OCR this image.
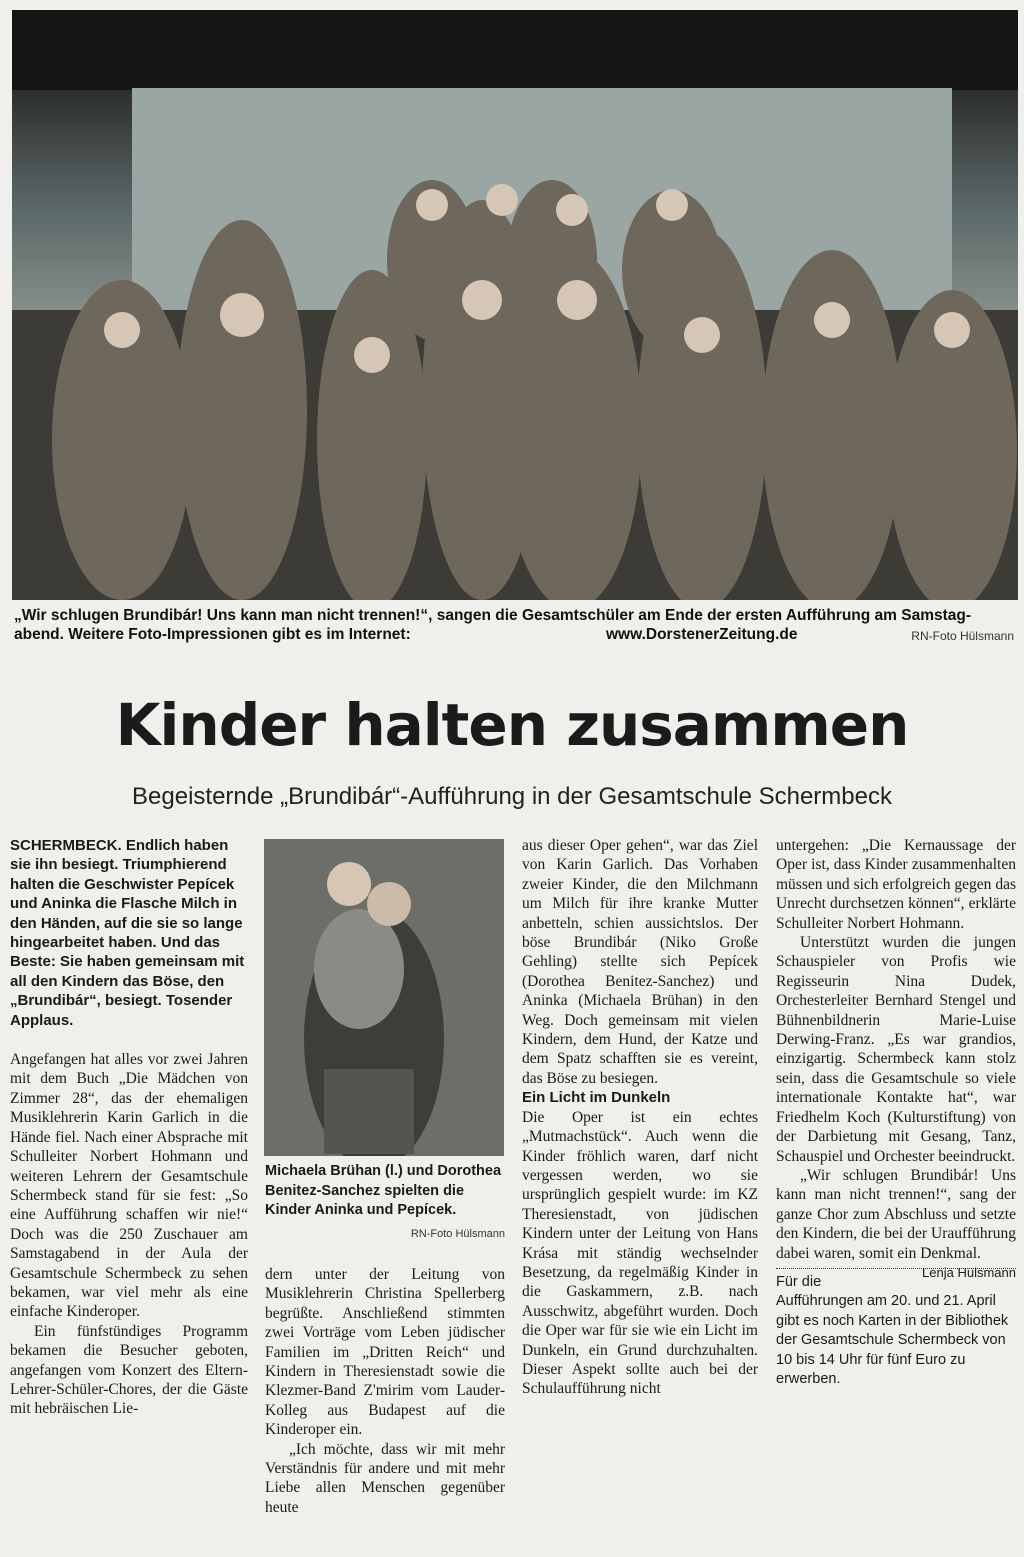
„Wir schlugen Brundibár! Uns kann man nicht trennen!“, sangen die Gesamtschüler am Ende der ersten Aufführung am Samstag-abend. Weitere Foto-Impressionen gibt es im Internet:	www.DorstenerZeitung.de	RN-Foto Hülsmann
Kinder halten zusammen
Begeisternde „Brundibár“-Aufführung in der Gesamtschule Schermbeck

SCHERMBECK. Endlich haben sie ihn besiegt. Triumphierend halten die Geschwister Pepícek und Aninka die Flasche Milch in den Händen, auf die sie so lange hingearbeitet haben. Und das Beste: Sie haben gemeinsam mit all den Kindern das Böse, den „Brundibár“, besiegt. Tosender Applaus.

Angefangen hat alles vor zwei Jahren mit dem Buch „Die Mädchen von Zimmer 28“, das der ehemaligen Musiklehrerin Karin Garlich in die Hände fiel. Nach einer Absprache mit Schulleiter Norbert Hohmann und weiteren Lehrern der Gesamtschule Schermbeck stand für sie fest: „So eine Aufführung schaffen wir nie!“ Doch was die 250 Zuschauer am Samstagabend in der Aula der Gesamtschule Schermbeck zu sehen bekamen, war viel mehr als eine einfache Kinderoper.

Ein fünfstündiges Programm bekamen die Besucher geboten, angefangen vom Konzert des Eltern-Lehrer-Schüler-Chores, der die Gäste mit hebräischen Lie-

Michaela Brühan (l.) und Dorothea Benitez-Sanchez spielten die Kinder Aninka und Pepícek.
RN-Foto Hülsmann

dern unter der Leitung von Musiklehrerin Christina Spellerberg begrüßte. Anschließend stimmten zwei Vorträge vom Leben jüdischer Familien im „Dritten Reich“ und Kindern in Theresienstadt sowie die Klezmer-Band Z'mirim vom Lauder-Kolleg aus Budapest auf die Kinderoper ein.

„Ich möchte, dass wir mit mehr Verständnis für andere und mit mehr Liebe allen Menschen gegenüber heute

aus dieser Oper gehen“, war das Ziel von Karin Garlich. Das Vorhaben zweier Kinder, die den Milchmann um Milch für ihre kranke Mutter anbetteln, schien aussichtslos. Der böse Brundibár (Niko Große Gehling) stellte sich Pepícek (Dorothea Benitez-Sanchez) und Aninka (Michaela Brühan) in den Weg. Doch gemeinsam mit vielen Kindern, dem Hund, der Katze und dem Spatz schafften sie es vereint, das Böse zu besiegen.

Ein Licht im Dunkeln

Die Oper ist ein echtes „Mutmachstück“. Auch wenn die Kinder fröhlich waren, darf nicht vergessen werden, wo sie ursprünglich gespielt wurde: im KZ Theresienstadt, von jüdischen Kindern unter der Leitung von Hans Krása mit ständig wechselnder Besetzung, da regelmäßig Kinder in die Gaskammern, z.B. nach Ausschwitz, abgeführt wurden. Doch die Oper war für sie wie ein Licht im Dunkeln, ein Grund durchzuhalten. Dieser Aspekt sollte auch bei der Schulaufführung nicht

untergehen: „Die Kernaussage der Oper ist, dass Kinder zusammenhalten müssen und sich erfolgreich gegen das Unrecht durchsetzen können“, erklärte Schulleiter Norbert Hohmann.

Unterstützt wurden die jungen Schauspieler von Profis wie Regisseurin Nina Dudek, Orchesterleiter Bernhard Stengel und Bühnenbildnerin Marie-Luise Derwing-Franz. „Es war grandios, einzigartig. Schermbeck kann stolz sein, dass die Gesamtschule so viele internationale Kontakte hat“, war Friedhelm Koch (Kulturstiftung) von der Darbietung mit Gesang, Tanz, Schauspiel und Orchester beeindruckt.

„Wir schlugen Brundibár! Uns kann man nicht trennen!“, sang der ganze Chor zum Abschluss und setzte den Kindern, die bei der Uraufführung dabei waren, somit ein Denkmal.
Lenja Hülsmann

Für die Aufführungen am 20. und 21. April gibt es noch Karten in der Bibliothek der Gesamtschule Schermbeck von 10 bis 14 Uhr für fünf Euro zu erwerben.
